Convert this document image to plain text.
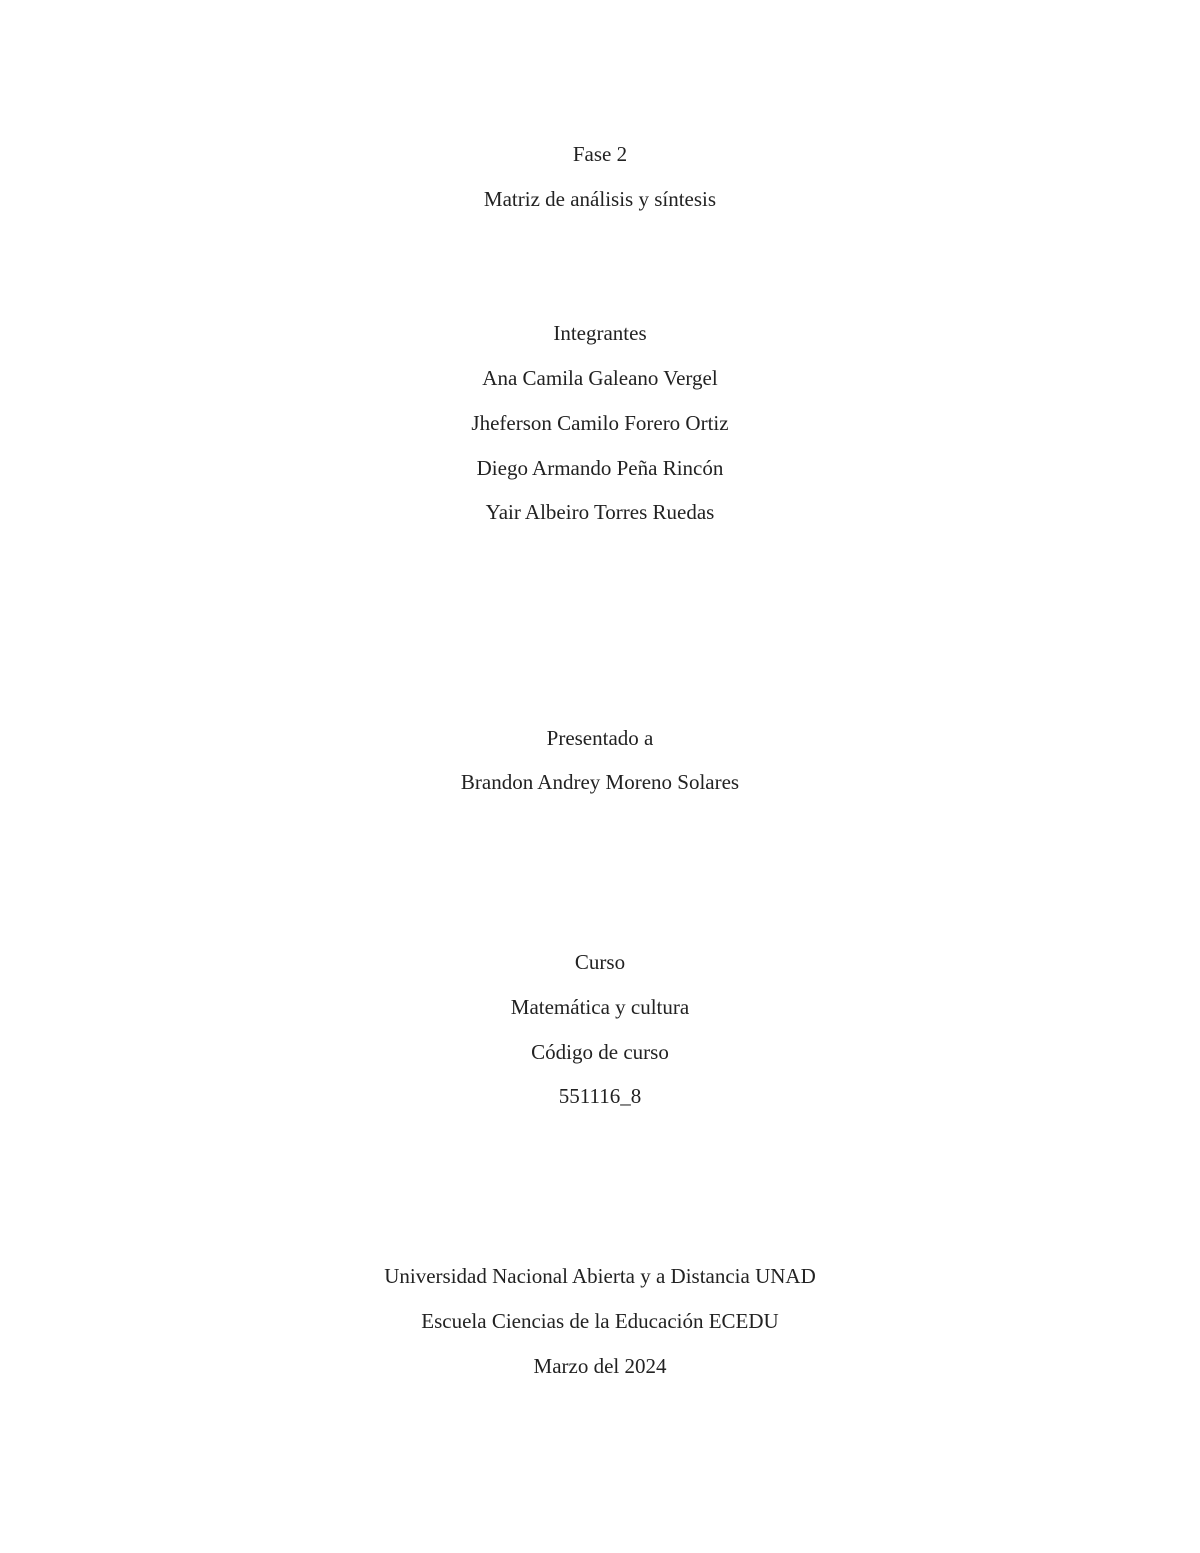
Fase 2
Matriz de análisis y síntesis
Integrantes
Ana Camila Galeano Vergel
Jheferson Camilo Forero Ortiz
Diego Armando Peña Rincón
Yair Albeiro Torres Ruedas
Presentado a
Brandon Andrey Moreno Solares
Curso
Matemática y cultura
Código de curso
551116_8
Universidad Nacional Abierta y a Distancia UNAD
Escuela Ciencias de la Educación ECEDU
Marzo del 2024
